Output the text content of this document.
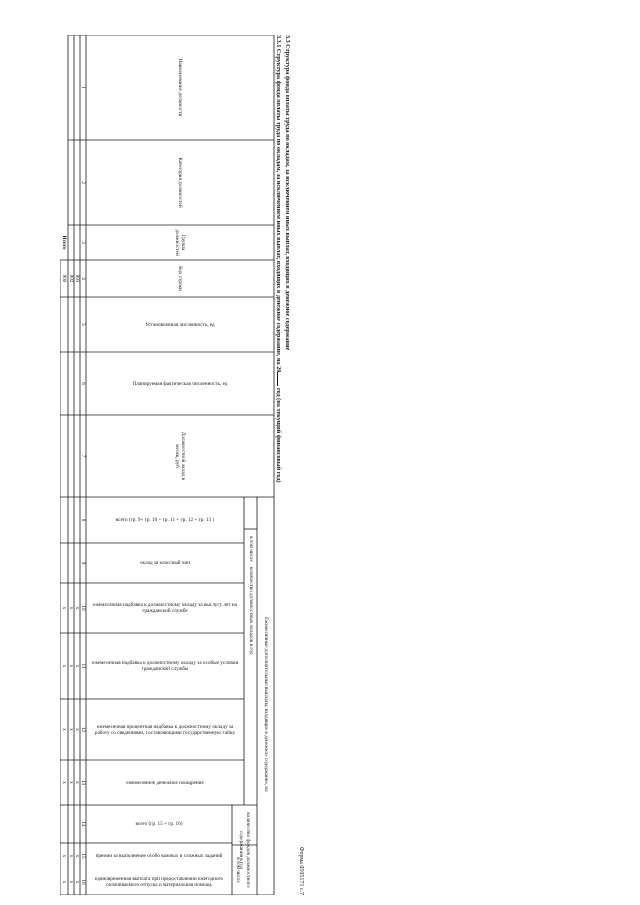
Форма 0505171 с.7
3.3 Структура фонда оплаты труда по окладам, за исключением иных выплат, входящих в денежное содержание
3.3.1 Структура фонда оплаты труда по окладам, за исключением иных выплат, входящих в денежное содержание, на 20 год (на текущий финансовый год)
Наименование должности
Категория должностей
Группа должностей
Код строки
Установленная численность, ед
Планируемая фактическая численность, ед
Должностной оклад в месяц, руб
Ежемесячные дополнительные выплаты, входящие в денежное содержание, на
количество должностных окладов в год
в том числе
количество фондов должностного содержания в год
в том числе
всего (гр. 9+ гр. 10 + гр. 11 + гр. 12 + гр. 13 )
оклад за классный чин
ежемесячная надбавка к должностному окладу за выслугу лет на гражданской службе
ежемесячная надбавка к должностному окладу за особые условия гражданской службы
ежемесячная процентная надбавка к должностному окладу за работу со сведениями, составляющими государственную тайну
ежемесячное денежное поощрение
всего (гр. 15 + гр. 16)
премии за выполнение особо важных и сложных заданий
единовременная выплата при предоставлении ежегодного оплачиваемого отпуска и материальная помощь
1
2
3
4
5
6
7
8
9
10
11
12
13
14
15
16
001
002
900
Итого
x
x
x
x
x
x
x
x
x
x
x
x
x
x
x
x
x
x
